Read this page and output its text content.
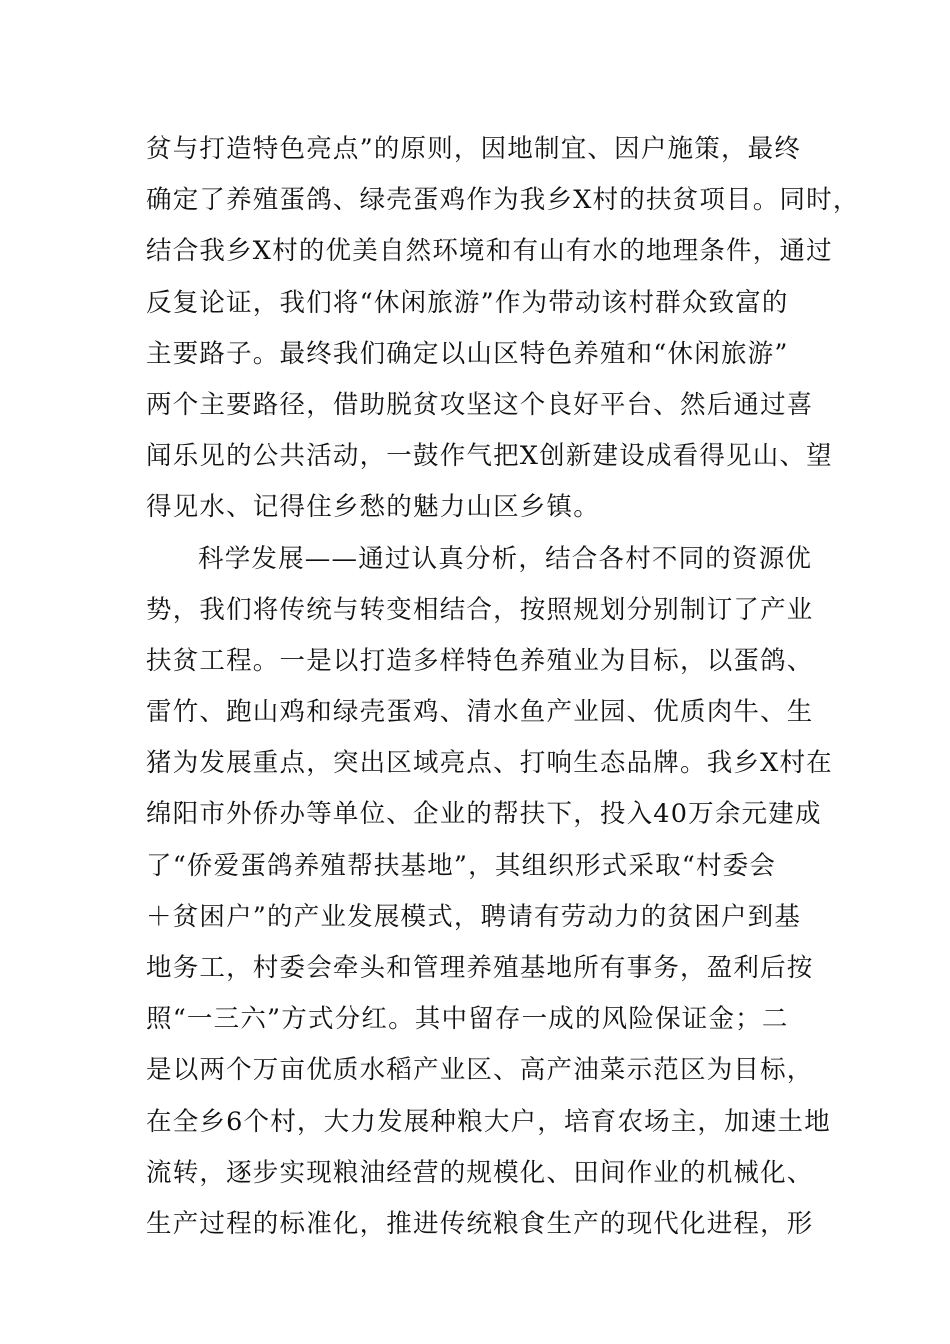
贫与打造特色亮点”的原则，因地制宜、因户施策，最终
确定了养殖蛋鸽、绿壳蛋鸡作为我乡X村的扶贫项目。同时，
结合我乡X村的优美自然环境和有山有水的地理条件，通过
反复论证，我们将“休闲旅游”作为带动该村群众致富的
主要路子。最终我们确定以山区特色养殖和“休闲旅游”
两个主要路径，借助脱贫攻坚这个良好平台、然后通过喜
闻乐见的公共活动，一鼓作气把X创新建设成看得见山、望
得见水、记得住乡愁的魅力山区乡镇。
科学发展——通过认真分析，结合各村不同的资源优
势，我们将传统与转变相结合，按照规划分别制订了产业
扶贫工程。一是以打造多样特色养殖业为目标，以蛋鸽、
雷竹、跑山鸡和绿壳蛋鸡、清水鱼产业园、优质肉牛、生
猪为发展重点，突出区域亮点、打响生态品牌。我乡X村在
绵阳市外侨办等单位、企业的帮扶下，投入40万余元建成
了“侨爱蛋鸽养殖帮扶基地”，其组织形式采取“村委会
＋贫困户”的产业发展模式，聘请有劳动力的贫困户到基
地务工，村委会牵头和管理养殖基地所有事务，盈利后按
照“一三六”方式分红。其中留存一成的风险保证金；二
是以两个万亩优质水稻产业区、高产油菜示范区为目标，
在全乡6个村，大力发展种粮大户，培育农场主，加速土地
流转，逐步实现粮油经营的规模化、田间作业的机械化、
生产过程的标准化，推进传统粮食生产的现代化进程，形
